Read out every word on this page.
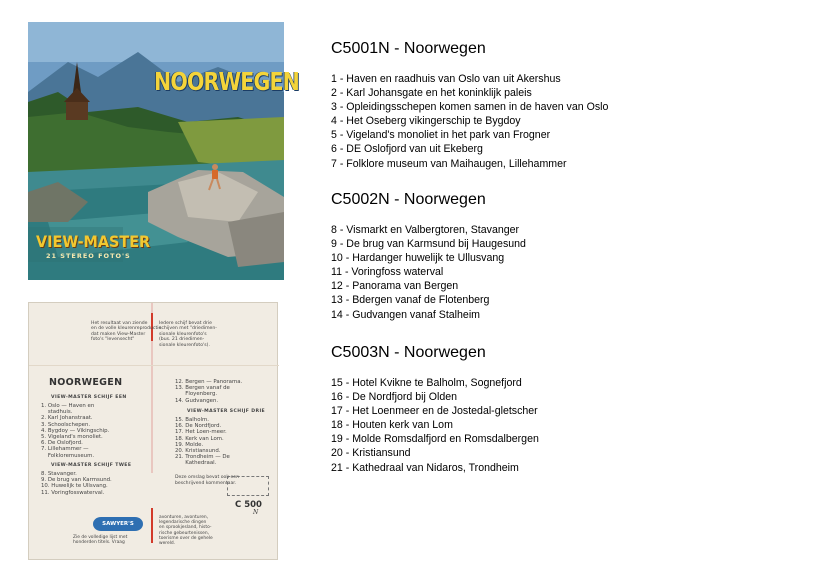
NOORWEGEN
VIEW-MASTER
21 STEREO FOTO'S
Het resultaat van ziende
en de volle kleurenreproductie
dat maken View-Master
foto's "levensecht"
Iedere schijf bevat drie
schijven met "driedimen-
sionale kleurenfoto's
(bus. 21 driedimen-
sionale kleurenfoto's).
NOORWEGEN
VIEW-MASTER SCHIJF EEN
1. Oslo — Haven en
stadhuis.
2. Karl Johanstraat.
3. Schoolschepen.
4. Bygdoy — Vikingschip.
5. Vigeland's monoliet.
6. De Oslofjord.
7. Lillehammer —
Folkloremuseum.
VIEW-MASTER SCHIJF TWEE
8. Stavanger.
9. De brug van Karmsund.
10. Huwelijk te Ullsvang.
11. Voringfosswaterval.
12. Bergen — Panorama.
13. Bergen vanaf de
Floyenberg.
14. Gudvangen.
VIEW-MASTER SCHIJF DRIE
15. Balholm.
16. De Nordfjord.
17. Het Loen-meer.
18. Kerk van Lom.
19. Molde.
20. Kristiansund.
21. Trondheim — De
Kathedraal.
Deze omslag bevat ook een
beschrijvend kommentaar.
C 500
N
SAWYER'S
Zie de volledige lijst met
honderden titels. Vraag
avonturen, avonturen,
legendarische dingen
en sprookjesland, histo-
rische gebeurtenissen,
toerisme over de gehele
wereld.
C5001N - Noorwegen
1 - Haven en raadhuis van Oslo van uit Akershus
2 - Karl Johansgate en het koninklijk paleis
3 - Opleidingsschepen komen samen in de haven van Oslo
4 - Het Oseberg vikingerschip te Bygdoy
5 - Vigeland's monoliet in het park van Frogner
6 - DE Oslofjord van uit Ekeberg
7 - Folklore museum van Maihaugen, Lillehammer
C5002N - Noorwegen
8 - Vismarkt en Valbergtoren, Stavanger
9 - De brug van Karmsund bij Haugesund
10 - Hardanger huwelijk te Ullusvang
11 - Voringfoss waterval
12 - Panorama van Bergen
13 - Bdergen vanaf de Flotenberg
14 - Gudvangen vanaf Stalheim
C5003N - Noorwegen
15 - Hotel Kvikne te Balholm, Sognefjord
16 - De Nordfjord bij Olden
17 - Het Loenmeer en de Jostedal-gletscher
18 - Houten kerk van Lom
19 - Molde Romsdalfjord en Romsdalbergen
20 - Kristiansund
21 - Kathedraal van Nidaros, Trondheim
